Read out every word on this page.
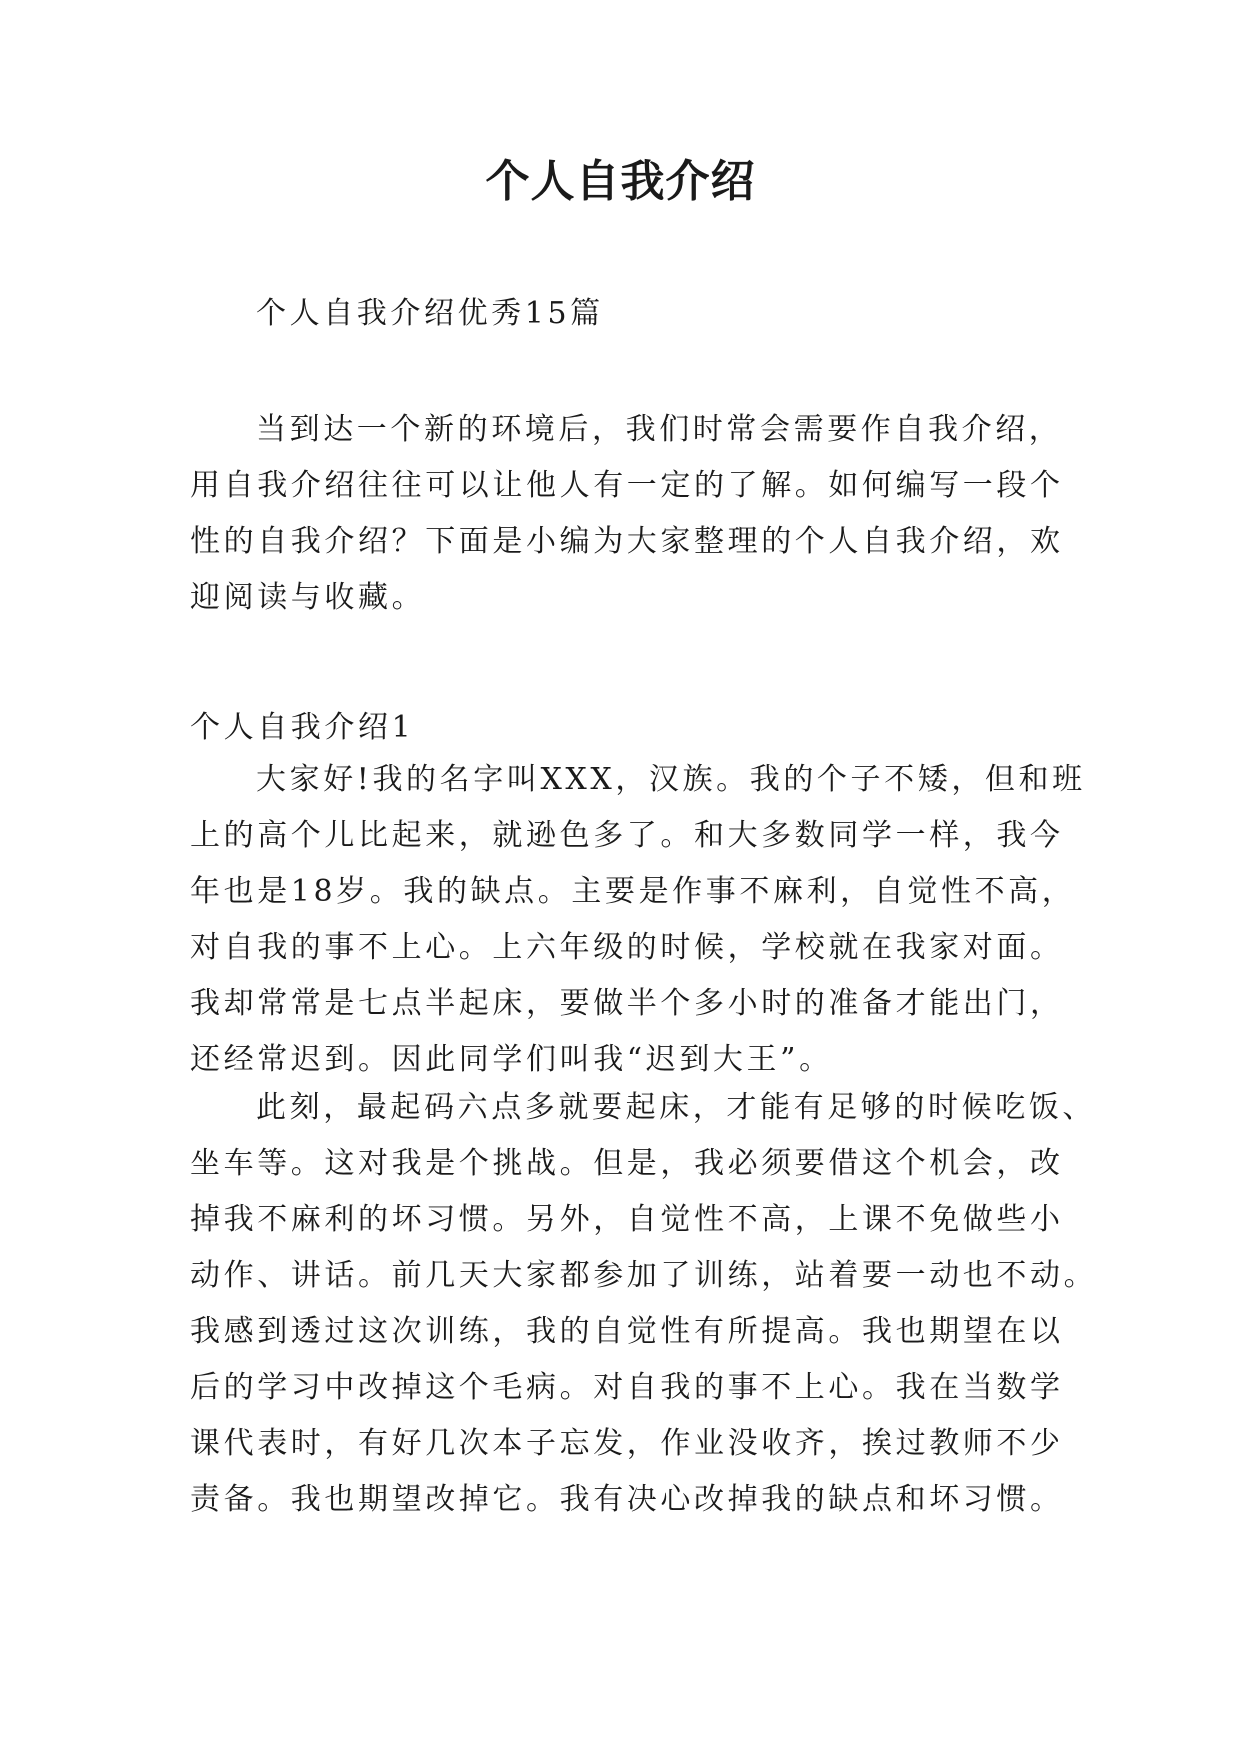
个人自我介绍
个人自我介绍优秀15篇
当到达一个新的环境后，我们时常会需要作自我介绍，
用自我介绍往往可以让他人有一定的了解。如何编写一段个
性的自我介绍？下面是小编为大家整理的个人自我介绍，欢
迎阅读与收藏。
个人自我介绍1
大家好!我的名字叫XXX，汉族。我的个子不矮，但和班
上的高个儿比起来，就逊色多了。和大多数同学一样，我今
年也是18岁。我的缺点。主要是作事不麻利，自觉性不高，
对自我的事不上心。上六年级的时候，学校就在我家对面。
我却常常是七点半起床，要做半个多小时的准备才能出门，
还经常迟到。因此同学们叫我“迟到大王”。
此刻，最起码六点多就要起床，才能有足够的时候吃饭、
坐车等。这对我是个挑战。但是，我必须要借这个机会，改
掉我不麻利的坏习惯。另外，自觉性不高，上课不免做些小
动作、讲话。前几天大家都参加了训练，站着要一动也不动。
我感到透过这次训练，我的自觉性有所提高。我也期望在以
后的学习中改掉这个毛病。对自我的事不上心。我在当数学
课代表时，有好几次本子忘发，作业没收齐，挨过教师不少
责备。我也期望改掉它。我有决心改掉我的缺点和坏习惯。
